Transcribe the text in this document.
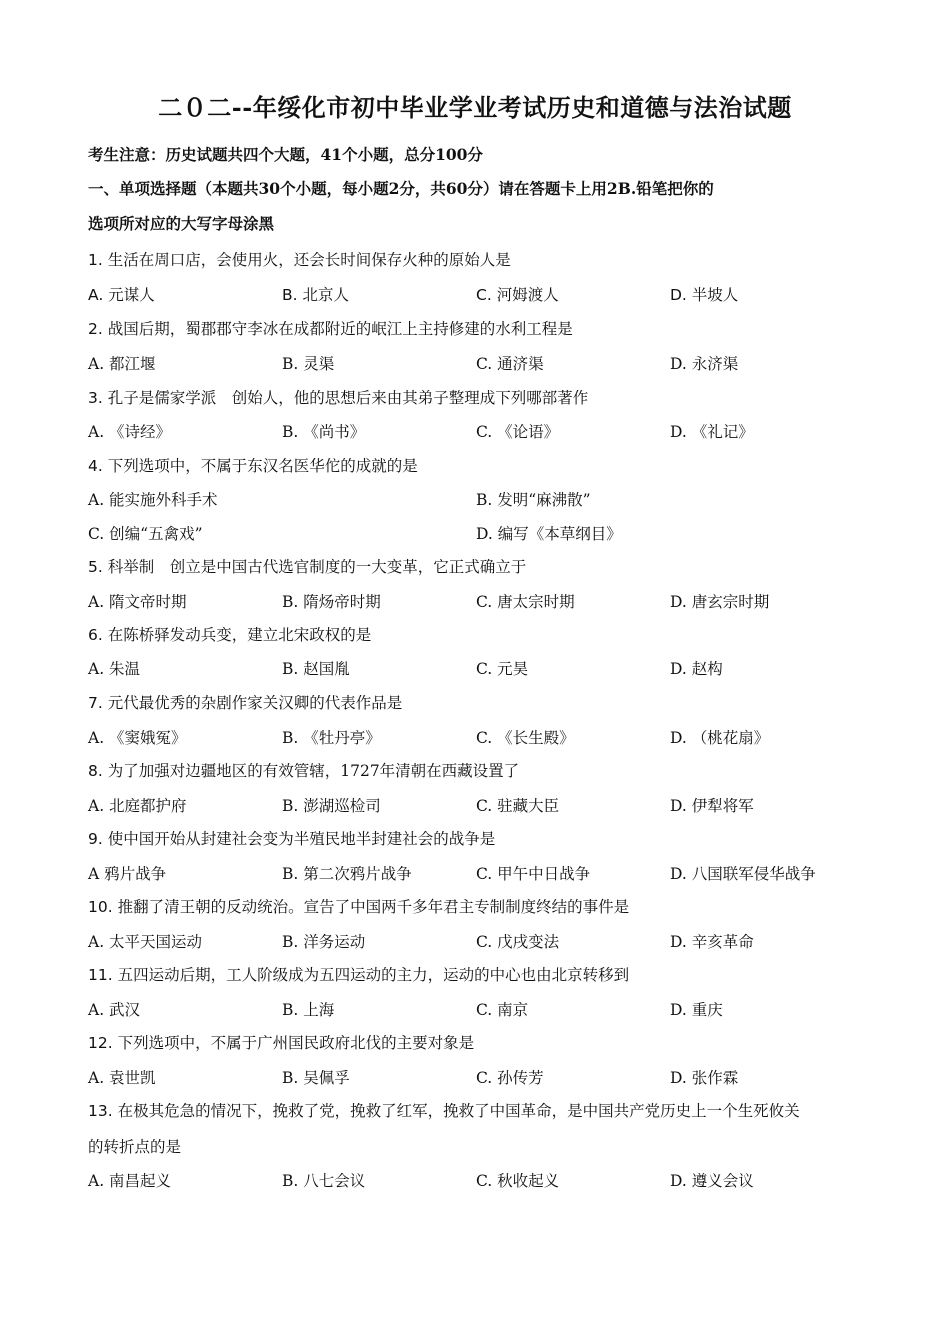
二０二--年绥化市初中毕业学业考试历史和道德与法治试题
考生注意：历史试题共四个大题，41个小题，总分100分
一、单项选择题（本题共30个小题，每小题2分，共60分）请在答题卡上用2B.铅笔把你的
选项所对应的大写字母涂黑
1. 生活在周口店，会使用火，还会长时间保存火种的原始人是
A. 元谋人	B. 北京人	C. 河姆渡人	D. 半坡人
2. 战国后期，蜀郡郡守李冰在成都附近的岷江上主持修建的水利工程是
A. 都江堰	B. 灵渠	C. 通济渠	D. 永济渠
3. 孔子是儒家学派　创始人，他的思想后来由其弟子整理成下列哪部著作
A. 《诗经》	B. 《尚书》	C. 《论语》	D. 《礼记》
4. 下列选项中，不属于东汉名医华佗的成就的是
A. 能实施外科手术	B. 发明“麻沸散”
C. 创编“五禽戏”	D. 编写《本草纲目》
5. 科举制　创立是中国古代选官制度的一大变革，它正式确立于
A. 隋文帝时期	B. 隋炀帝时期	C. 唐太宗时期	D. 唐玄宗时期
6. 在陈桥驿发动兵变，建立北宋政权的是
A. 朱温	B. 赵国胤	C. 元昊	D. 赵构
7. 元代最优秀的杂剧作家关汉卿的代表作品是
A. 《窦娥冤》	B. 《牡丹亭》	C. 《长生殿》	D. （桃花扇》
8. 为了加强对边疆地区的有效管辖，1727年清朝在西藏设置了
A. 北庭都护府	B. 澎湖巡检司	C. 驻藏大臣	D. 伊犁将军
9. 使中国开始从封建社会变为半殖民地半封建社会的战争是
A 鸦片战争	B. 第二次鸦片战争	C. 甲午中日战争	D. 八国联军侵华战争
10. 推翻了清王朝的反动统治。宣告了中国两千多年君主专制制度终结的事件是
A. 太平天国运动	B. 洋务运动	C. 戊戌变法	D. 辛亥革命
11. 五四运动后期，工人阶级成为五四运动的主力，运动的中心也由北京转移到
A. 武汉	B. 上海	C. 南京	D. 重庆
12. 下列选项中，不属于广州国民政府北伐的主要对象是
A. 袁世凯	B. 吴佩孚	C. 孙传芳	D. 张作霖
13. 在极其危急的情况下，挽救了党，挽救了红军，挽救了中国革命，是中国共产党历史上一个生死攸关
的转折点的是
A. 南昌起义	B. 八七会议	C. 秋收起义	D. 遵义会议
